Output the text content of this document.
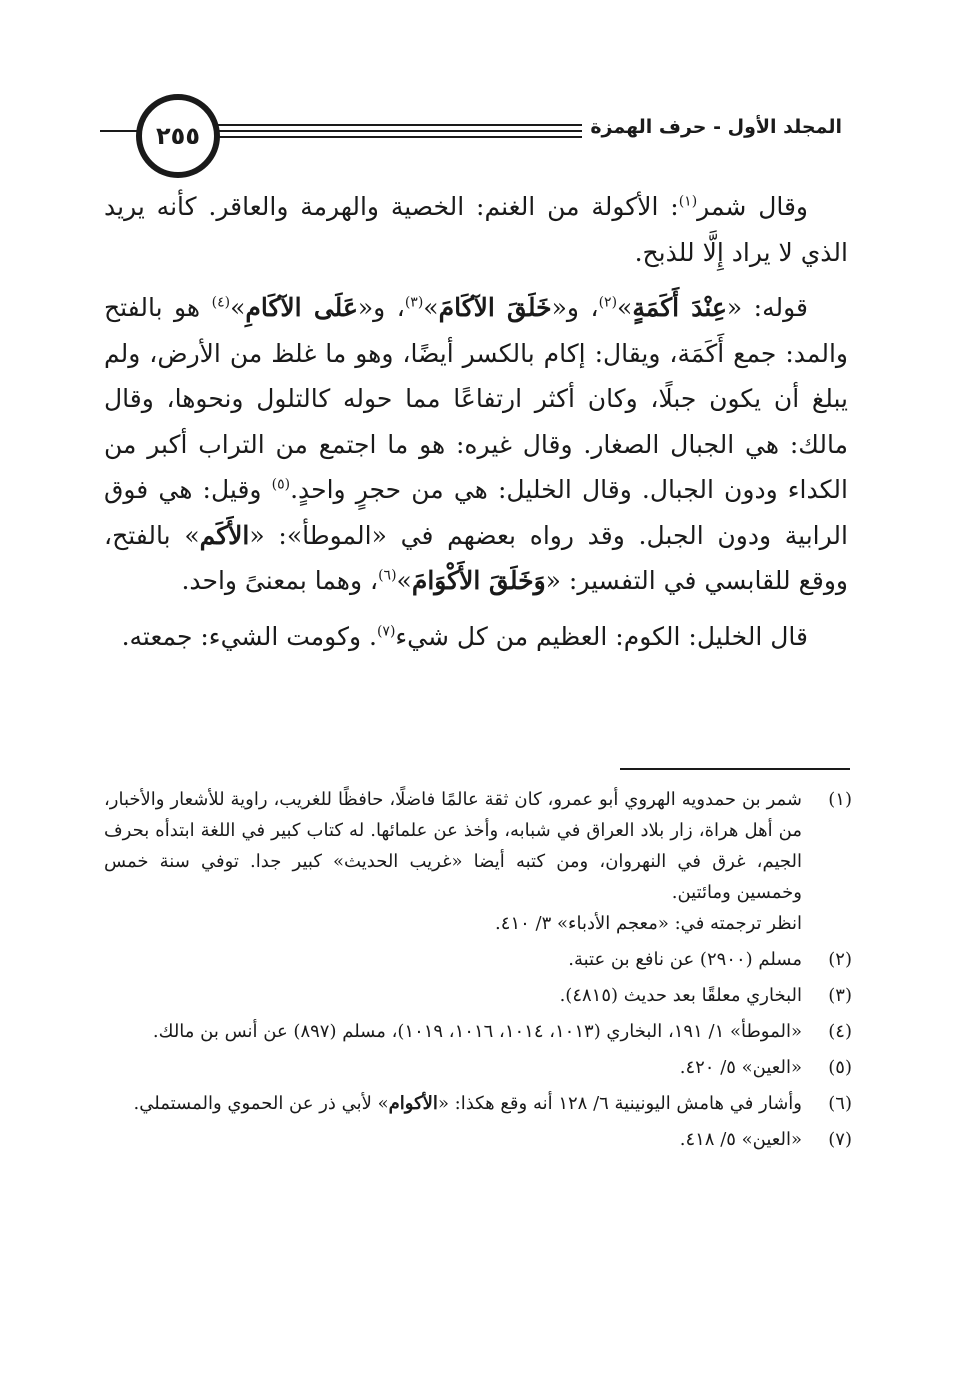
المجلد الأول - حرف الهمزة
٢٥٥

وقال شمر$^{(١)}$: الأكولة من الغنم: الخصية والهرمة والعاقر. كأنه يريد الذي لا يراد إِلَّا للذبح.

قوله: «عِنْدَ أَكَمَةٍ»$^{(٢)}$، و«خَلَقَ الآكَامَ»$^{(٣)}$، و«عَلَى الآكَامِ»$^{(٤)}$ هو بالفتح والمد: جمع أَكَمَة، ويقال: إكام بالكسر أيضًا، وهو ما غلظ من الأرض، ولم يبلغ أن يكون جبلًا، وكان أكثر ارتفاعًا مما حوله كالتلول ونحوها، وقال مالك: هي الجبال الصغار. وقال غيره: هو ما اجتمع من التراب أكبر من الكداء ودون الجبال. وقال الخليل: هي من حجرٍ واحدٍ.$^{(٥)}$ وقيل: هي فوق الرابية ودون الجبل. وقد رواه بعضهم في «الموطأ»: «الأَكَم» بالفتح، ووقع للقابسي في التفسير: «وَخَلَقَ الأَكْوَامَ»$^{(٦)}$، وهما بمعنىً واحد.

قال الخليل: الكوم: العظيم من كل شيء$^{(٧)}$. وكومت الشيء: جمعته.

(١)
شمر بن حمدويه الهروي أبو عمرو، كان ثقة عالمًا فاضلًا، حافظًا للغريب، راوية للأشعار والأخبار، من أهل هراة، زار بلاد العراق في شبابه، وأخذ عن علمائها. له كتاب كبير في اللغة ابتدأه بحرف الجيم، غرق في النهروان، ومن كتبه أيضا «غريب الحديث» كبير جدا. توفي سنة خمس وخمسين ومائتين.
انظر ترجمته في: «معجم الأدباء» ٣/ ٤١٠.
(٢)
مسلم (٢٩٠٠) عن نافع بن عتبة.
(٣)
البخاري معلقًا بعد حديث (٤٨١٥).
(٤)
«الموطأ» ١/ ١٩١، البخاري (١٠١٣، ١٠١٤، ١٠١٦، ١٠١٩)، مسلم (٨٩٧) عن أنس بن مالك.
(٥)
«العين» ٥/ ٤٢٠.
(٦)
وأشار في هامش اليونينية ٦/ ١٢٨ أنه وقع هكذا: «الأكوام» لأبي ذر عن الحموي والمستملي.
(٧)
«العين» ٥/ ٤١٨.
